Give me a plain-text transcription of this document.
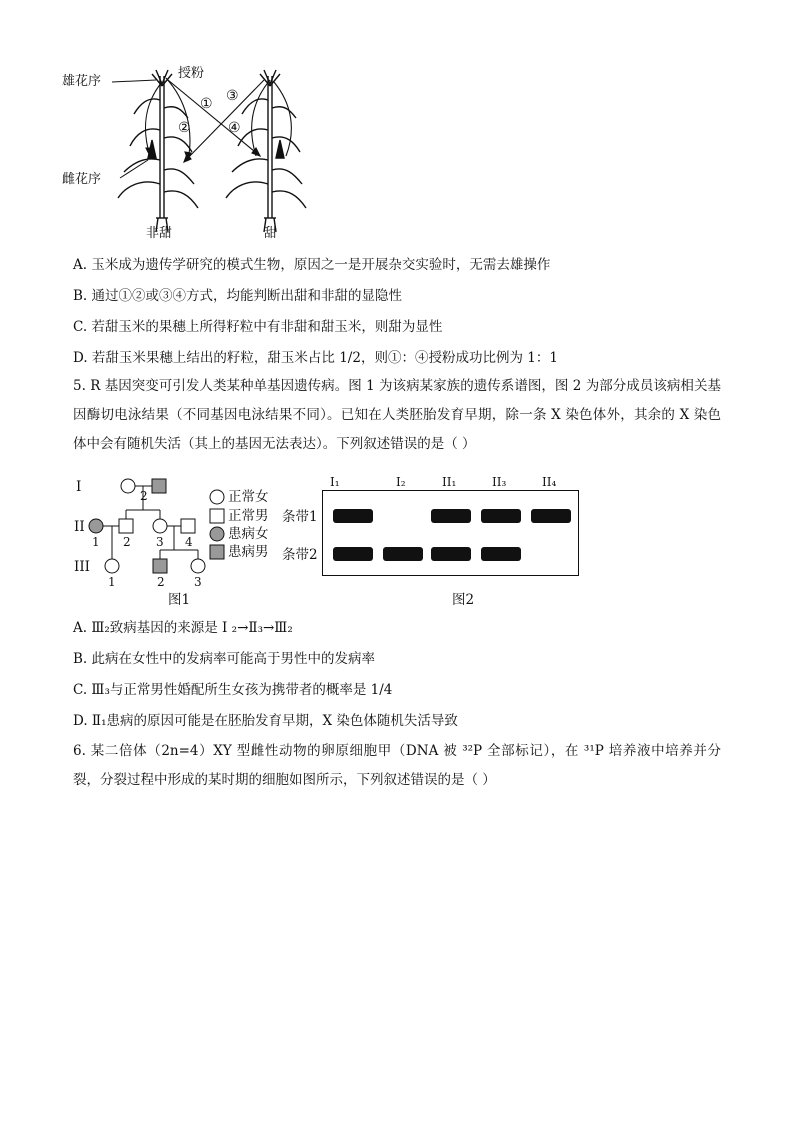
雄花序
雌花序
授粉
①
②
③
④
非甜	甜
A. 玉米成为遗传学研究的模式生物，原因之一是开展杂交实验时，无需去雄操作
B. 通过①②或③④方式，均能判断出甜和非甜的显隐性
C. 若甜玉米的果穗上所得籽粒中有非甜和甜玉米，则甜为显性
D. 若甜玉米果穗上结出的籽粒，甜玉米占比 1/2，则①：④授粉成功比例为 1：1
5. R 基因突变可引发人类某种单基因遗传病。图 1 为该病某家族的遗传系谱图，图 2 为部分成员该病相关基因酶切电泳结果（不同基因电泳结果不同）。已知在人类胚胎发育早期，除一条 X 染色体外，其余的 X 染色体中会有随机失活（其上的基因无法表达）。下列叙述错误的是（ ）
I
II
III
2
1 2 3 4
1	2 3
正常女
正常男
患病女
患病男
图1
I₁	I₂	II₁	II₃	II₄
条带1
条带2
图2
A. Ⅲ₂致病基因的来源是 I ₂→Ⅱ₃→Ⅲ₂
B. 此病在女性中的发病率可能高于男性中的发病率
C. Ⅲ₃与正常男性婚配所生女孩为携带者的概率是 1/4
D. Ⅱ₁患病的原因可能是在胚胎发育早期，X 染色体随机失活导致
6. 某二倍体（2n=4）XY 型雌性动物的卵原细胞甲（DNA 被 ³²P 全部标记），在 ³¹P 培养液中培养并分裂，分裂过程中形成的某时期的细胞如图所示，下列叙述错误的是（ ）
